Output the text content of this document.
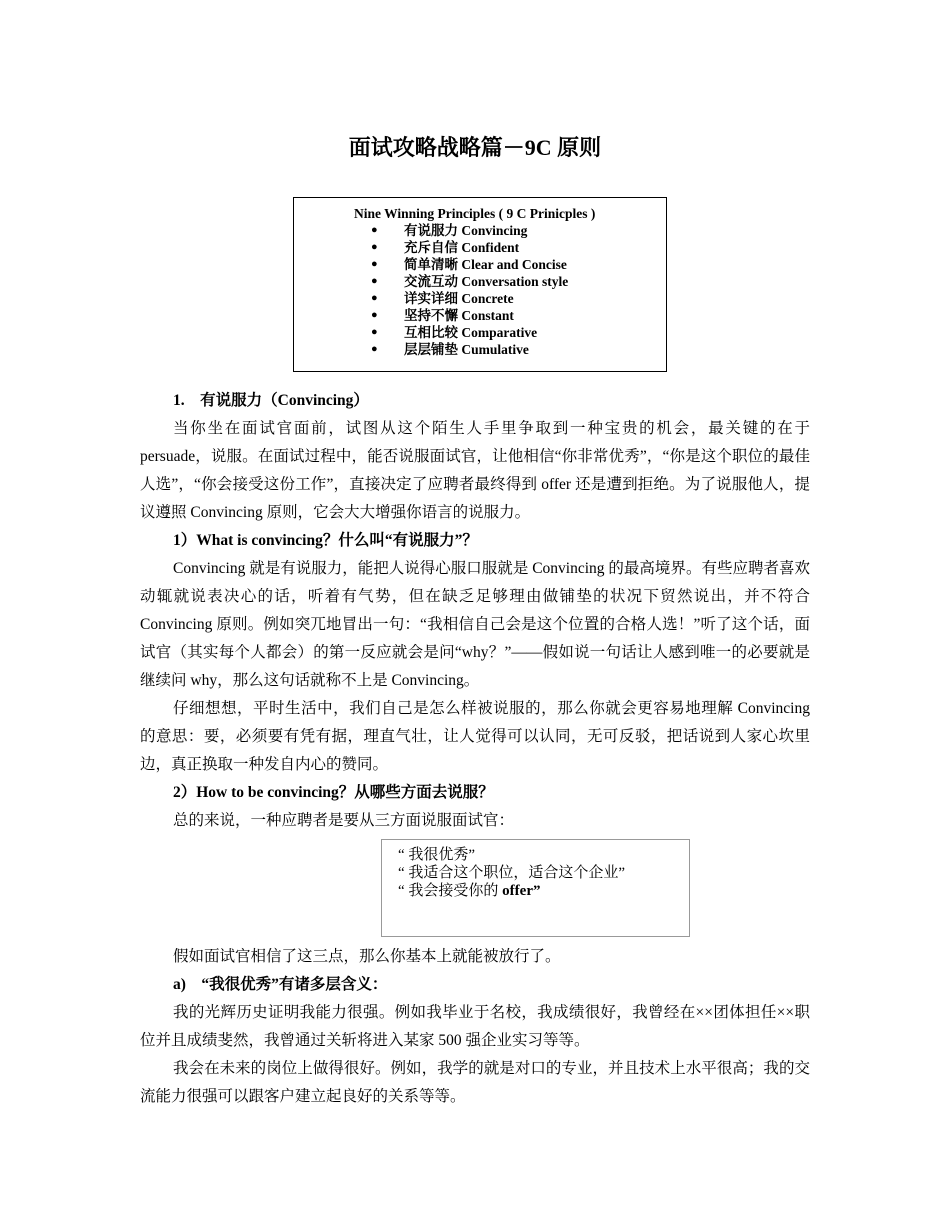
面试攻略战略篇－9C 原则
Nine Winning Principles ( 9 C Prinicples )
● 有说服力 Convincing
● 充斥自信 Confident
● 简单清晰 Clear and Concise
● 交流互动 Conversation style
● 详实详细 Concrete
● 坚持不懈 Constant
● 互相比较 Comparative
● 层层铺垫 Cumulative

1.　有说服力（Convincing）

当你坐在面试官面前，试图从这个陌生人手里争取到一种宝贵的机会，最关键的在于 persuade，说服。在面试过程中，能否说服面试官，让他相信“你非常优秀”，“你是这个职位的最佳人选”，“你会接受这份工作”，直接决定了应聘者最终得到 offer 还是遭到拒绝。为了说服他人，提议遵照 Convincing 原则，它会大大增强你语言的说服力。

1）What is convincing？什么叫“有说服力”？

Convincing 就是有说服力，能把人说得心服口服就是 Convincing 的最高境界。有些应聘者喜欢动辄就说表决心的话，听着有气势，但在缺乏足够理由做铺垫的状况下贸然说出，并不符合 Convincing 原则。例如突兀地冒出一句：“我相信自己会是这个位置的合格人选！”听了这个话，面试官（其实每个人都会）的第一反应就会是问“why？”——假如说一句话让人感到唯一的必要就是继续问 why，那么这句话就称不上是 Convincing。

仔细想想，平时生活中，我们自己是怎么样被说服的，那么你就会更容易地理解 Convincing 的意思：要，必须要有凭有据，理直气壮，让人觉得可以认同，无可反驳，把话说到人家心坎里边，真正换取一种发自内心的赞同。

2）How to be convincing？从哪些方面去说服？

总的来说，一种应聘者是要从三方面说服面试官：

“ 我很优秀”
“ 我适合这个职位，适合这个企业”
“ 我会接受你的 offer”

假如面试官相信了这三点，那么你基本上就能被放行了。

a)　“我很优秀”有诸多层含义：

我的光辉历史证明我能力很强。例如我毕业于名校，我成绩很好，我曾经在××团体担任××职位并且成绩斐然，我曾通过关斩将进入某家 500 强企业实习等等。

我会在未来的岗位上做得很好。例如，我学的就是对口的专业，并且技术上水平很高；我的交流能力很强可以跟客户建立起良好的关系等等。
